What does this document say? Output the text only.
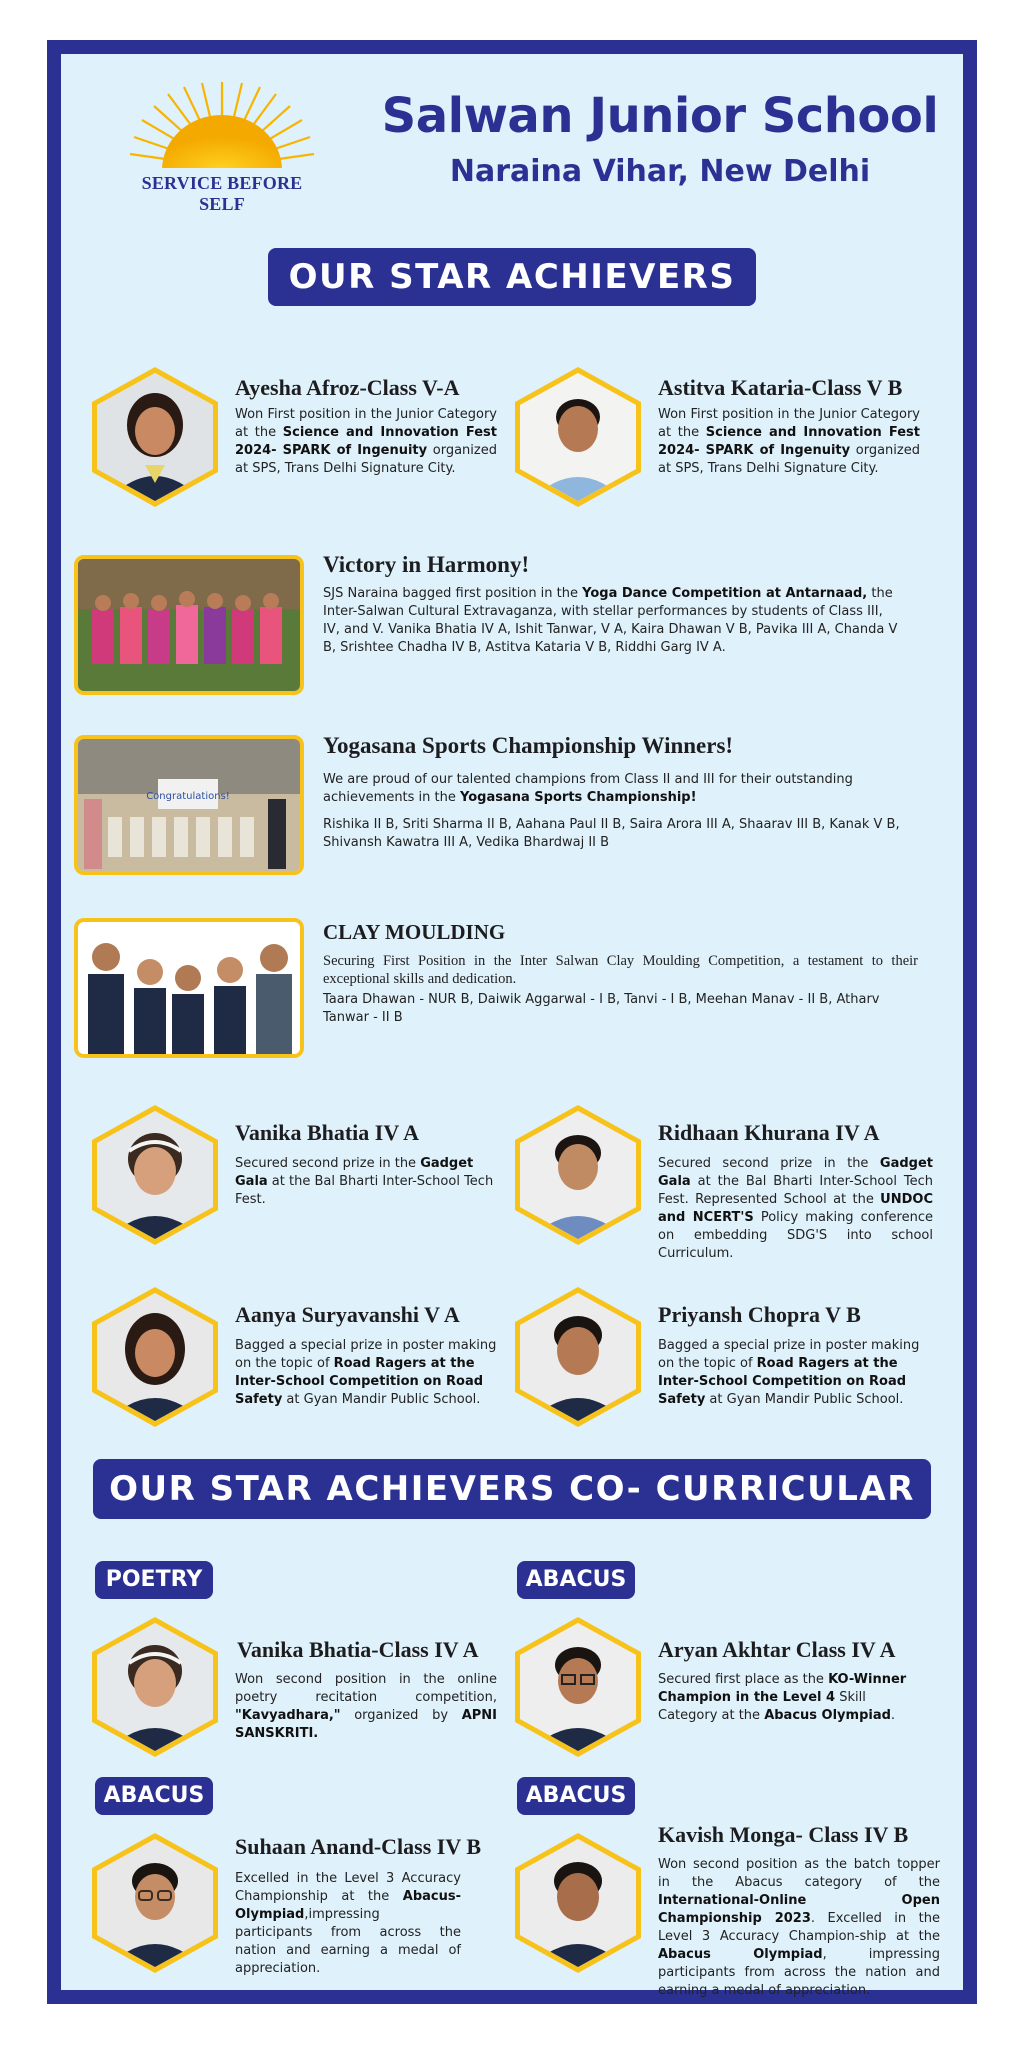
SERVICE BEFORE SELF
Salwan Junior School
Naraina Vihar, New Delhi
OUR STAR ACHIEVERS
Ayesha Afroz-Class V-A
Won First position in the Junior Category at the Science and Innovation Fest 2024- SPARK of Ingenuity organized at SPS, Trans Delhi Signature City.
Astitva Kataria-Class V B
Won First position in the Junior Category at the Science and Innovation Fest 2024- SPARK of Ingenuity organized at SPS, Trans Delhi Signature City.
Victory in Harmony!
SJS Naraina bagged first position in the Yoga Dance Competition at Antarnaad, the Inter-Salwan Cultural Extravaganza, with stellar performances by students of Class III, IV, and V. Vanika Bhatia IV A, Ishit Tanwar, V A, Kaira Dhawan V B, Pavika III A, Chanda V B, Srishtee Chadha IV B, Astitva Kataria V B, Riddhi Garg IV A.
Congratulations!
Yogasana Sports Championship Winners!
We are proud of our talented champions from Class II and III for their outstanding achievements in the Yogasana Sports Championship!
Rishika II B, Sriti Sharma II B, Aahana Paul II B, Saira Arora III A, Shaarav III B, Kanak V B, Shivansh Kawatra III A, Vedika Bhardwaj II B
CLAY MOULDING
Securing First Position in the Inter Salwan Clay Moulding Competition, a testament to their exceptional skills and dedication.
Taara Dhawan - NUR B, Daiwik Aggarwal - I B, Tanvi - I B, Meehan Manav - II B, Atharv Tanwar - II B
Vanika Bhatia IV A
Secured second prize in the Gadget Gala at the Bal Bharti Inter-School Tech Fest.
Ridhaan Khurana IV A
Secured second prize in the Gadget Gala at the Bal Bharti Inter-School Tech Fest. Represented School at the UNDOC and NCERT'S Policy making conference on embedding SDG'S into school Curriculum.
Aanya Suryavanshi V A
Bagged a special prize in poster making on the topic of Road Ragers at the Inter-School Competition on Road Safety at Gyan Mandir Public School.
Priyansh Chopra V B
Bagged a special prize in poster making on the topic of Road Ragers at the Inter-School Competition on Road Safety at Gyan Mandir Public School.
OUR STAR ACHIEVERS CO- CURRICULAR
POETRY
Vanika Bhatia-Class IV A
Won second position in the online poetry recitation competition, "Kavyadhara," organized by APNI SANSKRITI.
ABACUS
Aryan Akhtar Class IV A
Secured first place as the KO-Winner Champion in the Level 4 Skill Category at the Abacus Olympiad.
ABACUS
Suhaan Anand-Class IV B
Excelled in the Level 3 Accuracy Championship at the Abacus-Olympiad,impressing participants from across the nation and earning a medal of appreciation.
ABACUS
Kavish Monga- Class IV B
Won second position as the batch topper in the Abacus category of the International-Online Open Championship 2023. Excelled in the Level 3 Accuracy Champion-ship at the Abacus Olympiad, impressing participants from across the nation and earning a medal of appreciation.
